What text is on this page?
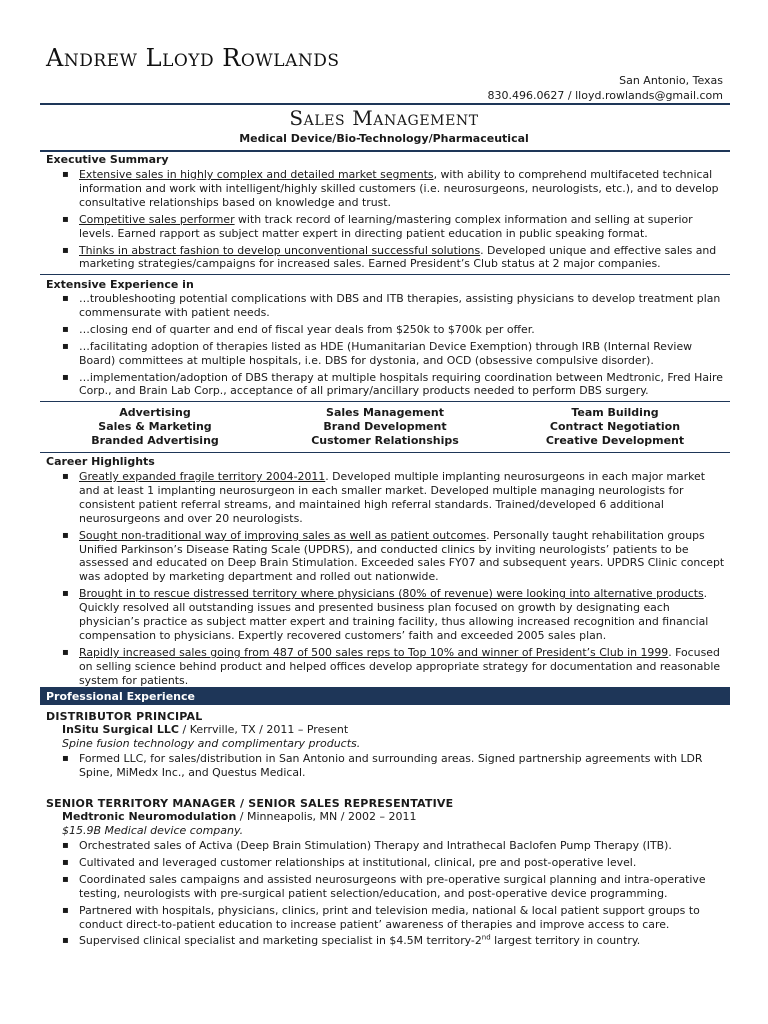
Andrew Lloyd Rowlands
San Antonio, Texas
830.496.0627 / lloyd.rowlands@gmail.com
Sales Management
Medical Device/Bio-Technology/Pharmaceutical
Executive Summary
▪ Extensive sales in highly complex and detailed market segments, with ability to comprehend multifaceted technical information and work with intelligent/highly skilled customers (i.e. neurosurgeons, neurologists, etc.), and to develop consultative relationships based on knowledge and trust.
▪ Competitive sales performer with track record of learning/mastering complex information and selling at superior levels. Earned rapport as subject matter expert in directing patient education in public speaking format.
▪ Thinks in abstract fashion to develop unconventional successful solutions. Developed unique and effective sales and marketing strategies/campaigns for increased sales. Earned President’s Club status at 2 major companies.
Extensive Experience in
▪ …troubleshooting potential complications with DBS and ITB therapies, assisting physicians to develop treatment plan commensurate with patient needs.
▪ …closing end of quarter and end of fiscal year deals from $250k to $700k per offer.
▪ …facilitating adoption of therapies listed as HDE (Humanitarian Device Exemption) through IRB (Internal Review Board) committees at multiple hospitals, i.e. DBS for dystonia, and OCD (obsessive compulsive disorder).
▪ …implementation/adoption of DBS therapy at multiple hospitals requiring coordination between Medtronic, Fred Haire Corp., and Brain Lab Corp., acceptance of all primary/ancillary products needed to perform DBS surgery.
Advertising
Sales & Marketing
Branded Advertising
Sales Management
Brand Development
Customer Relationships
Team Building
Contract Negotiation
Creative Development
Career Highlights
▪ Greatly expanded fragile territory 2004-2011. Developed multiple implanting neurosurgeons in each major market and at least 1 implanting neurosurgeon in each smaller market. Developed multiple managing neurologists for consistent patient referral streams, and maintained high referral standards. Trained/developed 6 additional neurosurgeons and over 20 neurologists.
▪ Sought non-traditional way of improving sales as well as patient outcomes. Personally taught rehabilitation groups Unified Parkinson’s Disease Rating Scale (UPDRS), and conducted clinics by inviting neurologists’ patients to be assessed and educated on Deep Brain Stimulation. Exceeded sales FY07 and subsequent years. UPDRS Clinic concept was adopted by marketing department and rolled out nationwide.
▪ Brought in to rescue distressed territory where physicians (80% of revenue) were looking into alternative products. Quickly resolved all outstanding issues and presented business plan focused on growth by designating each physician’s practice as subject matter expert and training facility, thus allowing increased recognition and financial compensation to physicians. Expertly recovered customers’ faith and exceeded 2005 sales plan.
▪ Rapidly increased sales going from 487 of 500 sales reps to Top 10% and winner of President’s Club in 1999. Focused on selling science behind product and helped offices develop appropriate strategy for documentation and reasonable system for patients.
Professional Experience
DISTRIBUTOR PRINCIPAL
InSitu Surgical LLC / Kerrville, TX / 2011 – Present
Spine fusion technology and complimentary products.
▪ Formed LLC, for sales/distribution in San Antonio and surrounding areas. Signed partnership agreements with LDR Spine, MiMedx Inc., and Questus Medical.
SENIOR TERRITORY MANAGER / SENIOR SALES REPRESENTATIVE
Medtronic Neuromodulation / Minneapolis, MN / 2002 – 2011
$15.9B Medical device company.
▪ Orchestrated sales of Activa (Deep Brain Stimulation) Therapy and Intrathecal Baclofen Pump Therapy (ITB).
▪ Cultivated and leveraged customer relationships at institutional, clinical, pre and post-operative level.
▪ Coordinated sales campaigns and assisted neurosurgeons with pre-operative surgical planning and intra-operative testing, neurologists with pre-surgical patient selection/education, and post-operative device programming.
▪ Partnered with hospitals, physicians, clinics, print and television media, national & local patient support groups to conduct direct-to-patient education to increase patient’ awareness of therapies and improve access to care.
▪ Supervised clinical specialist and marketing specialist in $4.5M territory-2nd largest territory in country.
